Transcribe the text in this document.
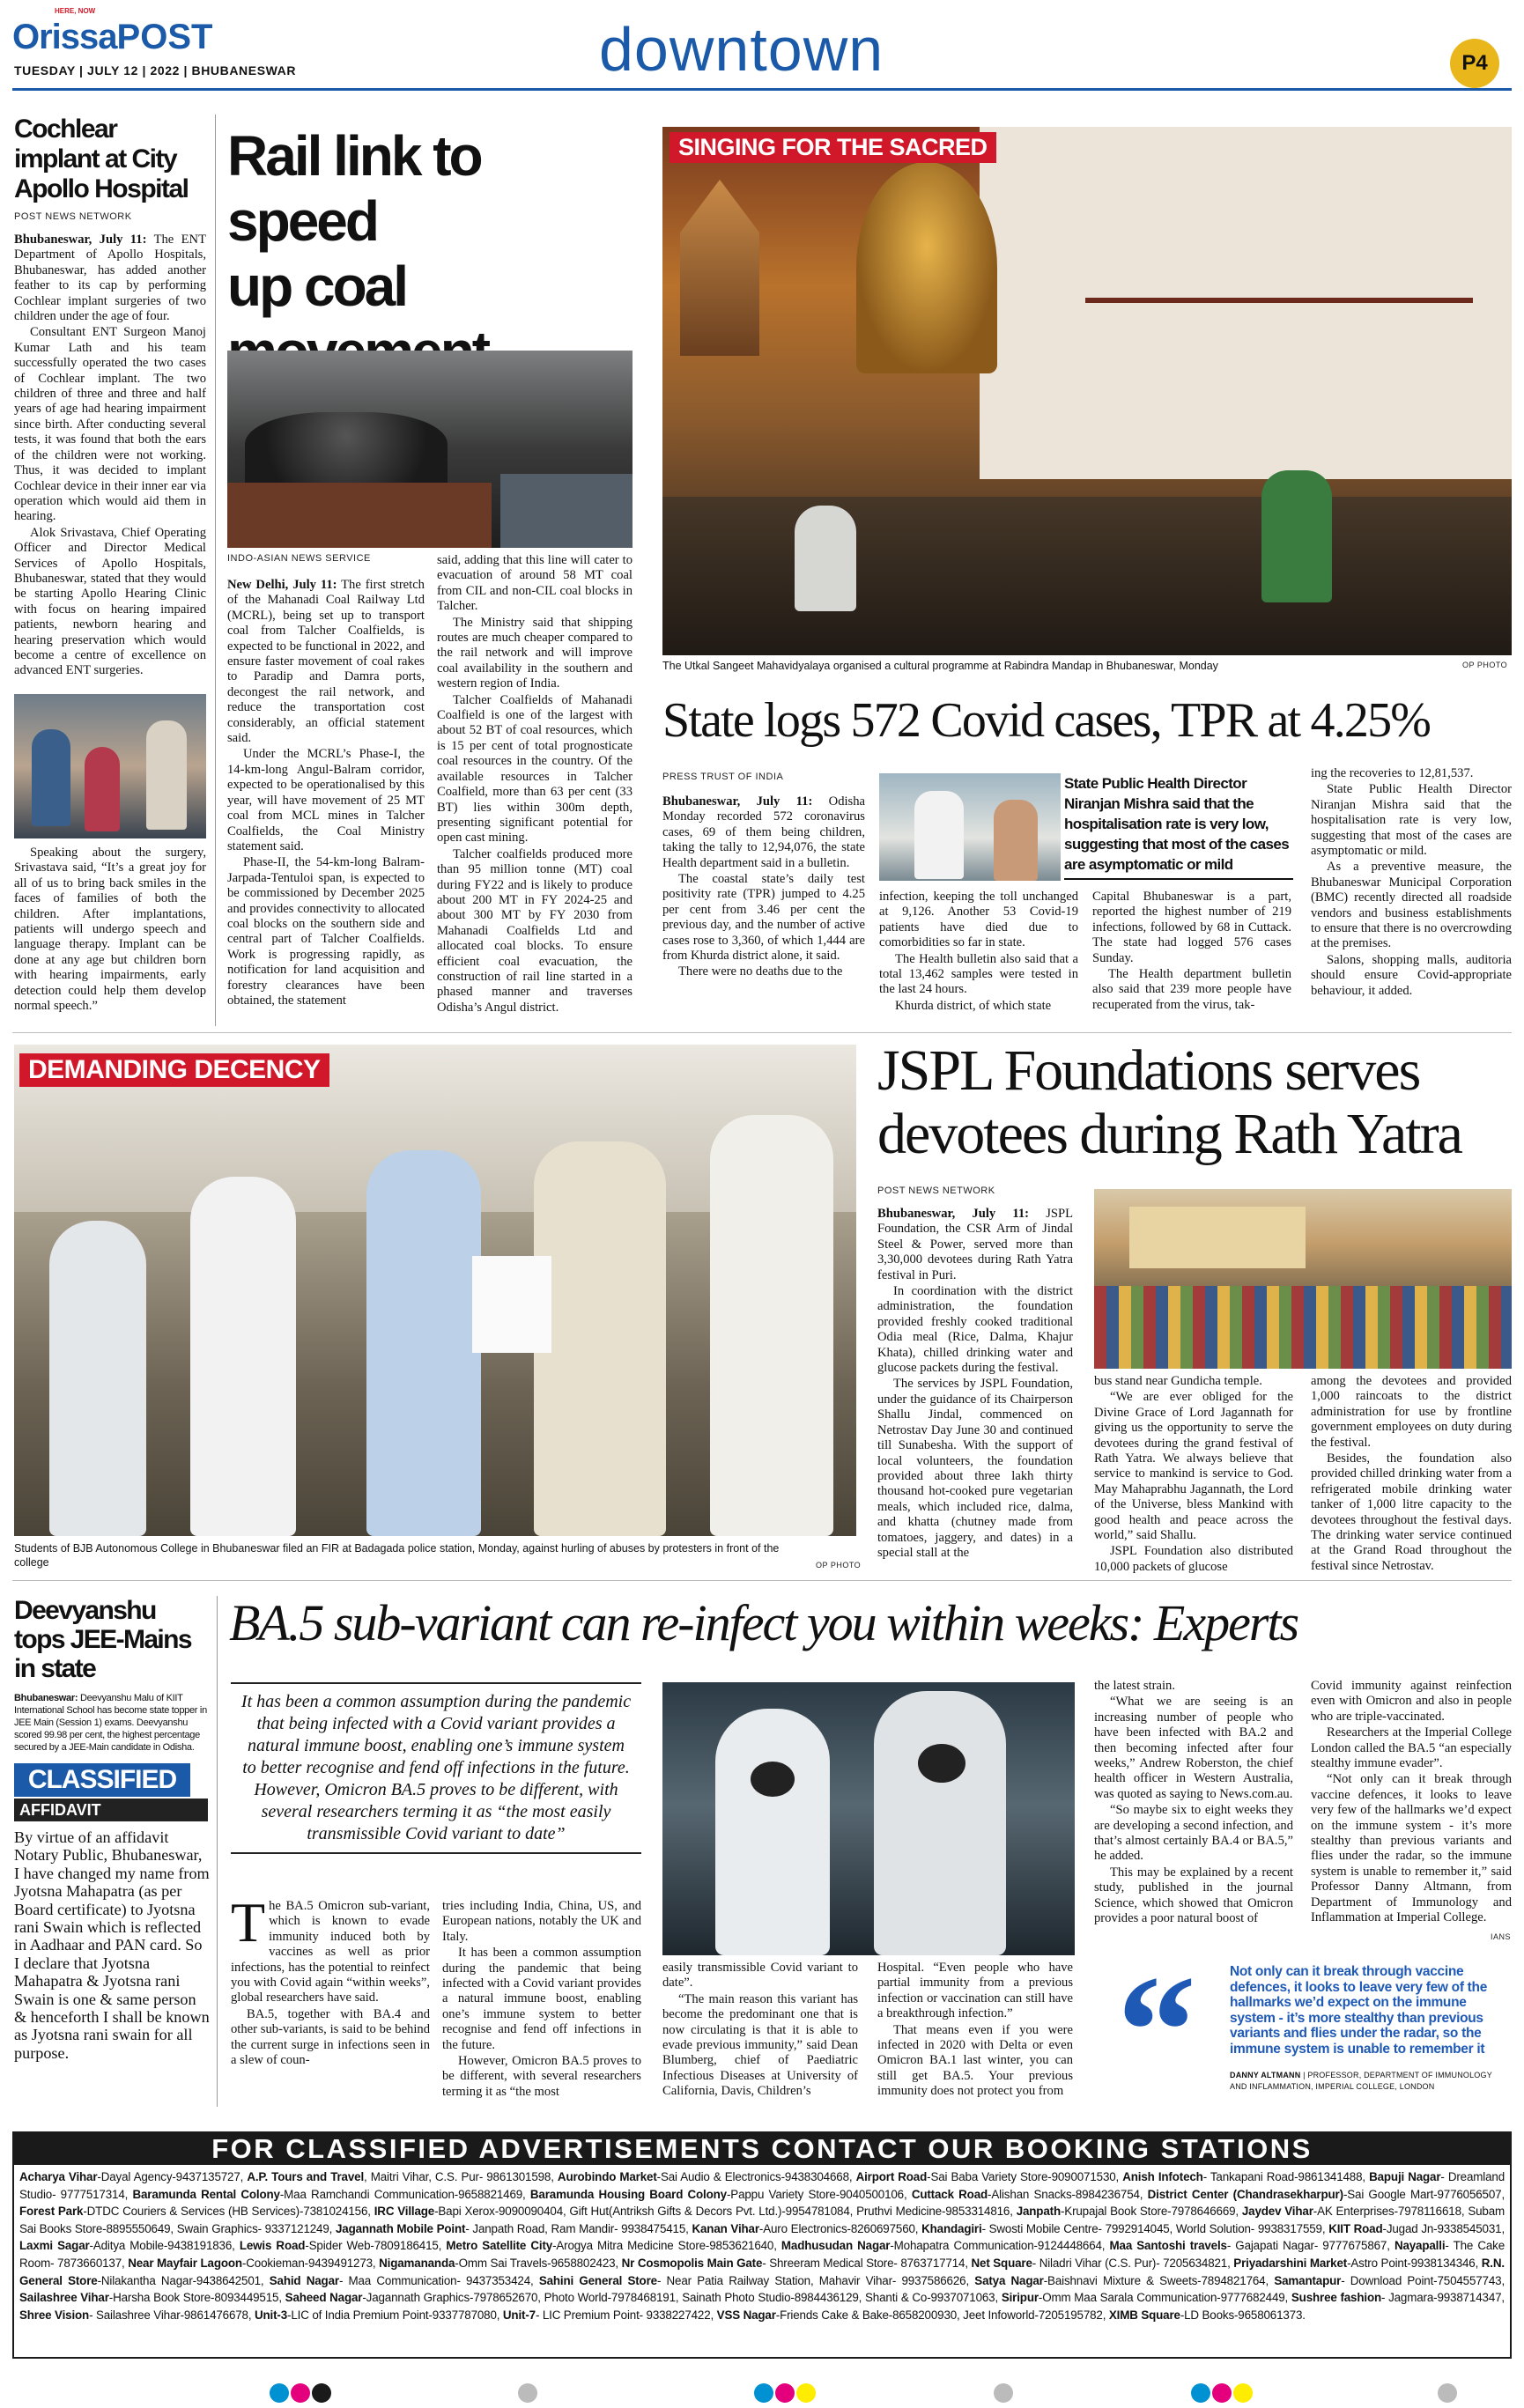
HERE, NOW
OrissaPOST
TUESDAY | JULY 12 | 2022 | BHUBANESWAR	downtown	P4
Cochlear implant at City Apollo Hospital
POST NEWS NETWORK

Bhubaneswar, July 11: The ENT Department of Apollo Hospitals, Bhubaneswar, has added another feather to its cap by performing Cochlear implant surgeries of two children under the age of four.

Consultant ENT Surgeon Manoj Kumar Lath and his team successfully operated the two cases of Cochlear implant. The two children of three and three and half years of age had hearing impairment since birth. After conducting several tests, it was found that both the ears of the children were not working. Thus, it was decided to implant Cochlear device in their inner ear via operation which would aid them in hearing.

Alok Srivastava, Chief Operating Officer and Director Medical Services of Apollo Hospitals, Bhubaneswar, stated that they would be starting Apollo Hearing Clinic with focus on hearing impaired patients, newborn hearing and hearing preservation which would become a centre of excellence on advanced ENT surgeries.

Speaking about the surgery, Srivastava said, “It’s a great joy for all of us to bring back smiles in the faces of families of both the children. After implantations, patients will undergo speech and language therapy. Implant can be done at any age but children born with hearing impairments, early detection could help them develop normal speech.”

Rail link to speed
up coal
INDO-ASIAN NEWS SERVICE

New Delhi, July 11: The first stretch of the Mahanadi Coal Railway Ltd (MCRL), being set up to transport coal from Talcher Coalfields, is expected to be functional in 2022, and ensure faster movement of coal rakes to Paradip and Damra ports, decongest the rail network, and reduce the transportation cost considerably, an official statement said.

Under the MCRL’s Phase-I, the 14-km-long Angul-Balram corridor, expected to be operationalised by this year, will have movement of 25 MT coal from MCL mines in Talcher Coalfields, the Coal Ministry statement said.

Phase-II, the 54-km-long Balram-Jarpada-Tentuloi span, is expected to be commissioned by December 2025 and provides connectivity to allocated coal blocks on the southern side and central part of Talcher Coalfields. Work is progressing rapidly, as notification for land acquisition and forestry clearances have been obtained, the statement

said, adding that this line will cater to evacuation of around 58 MT coal from CIL and non-CIL coal blocks in Talcher.

The Ministry said that shipping routes are much cheaper compared to the rail network and will improve coal availability in the southern and western region of India.

Talcher Coalfields of Mahanadi Coalfield is one of the largest with about 52 BT of coal resources, which is 15 per cent of total prognosticate coal resources in the country. Of the available resources in Talcher Coalfield, more than 63 per cent (33 BT) lies within 300m depth, presenting significant potential for open cast mining.

Talcher coalfields produced more than 95 million tonne (MT) coal during FY22 and is likely to produce about 200 MT in FY 2024-25 and about 300 MT by FY 2030 from Mahanadi Coalfields Ltd and allocated coal blocks. To ensure efficient coal evacuation, the construction of rail line started in a phased manner and traverses Odisha’s Angul district.

SINGING FOR THE SACRED
The Utkal Sangeet Mahavidyalaya organised a cultural programme at Rabindra Mandap in Bhubaneswar, Monday	OP PHOTO
State logs 572 Covid cases, TPR at 4.25%
PRESS TRUST OF INDIA

Bhubaneswar, July 11: Odisha Monday recorded 572 coronavirus cases, 69 of them being children, taking the tally to 12,94,076, the state Health department said in a bulletin.

The coastal state’s daily test positivity rate (TPR) jumped to 4.25 per cent from 3.46 per cent the previous day, and the number of active cases rose to 3,360, of which 1,444 are from Khurda district alone, it said.

There were no deaths due to the

State Public Health Director Niranjan Mishra said that the hospitalisation rate is very low, suggesting that most of the cases are asymptomatic or mild

infection, keeping the toll unchanged at 9,126. Another 53 Covid-19 patients have died due to comorbidities so far in state.

The Health bulletin also said that a total 13,462 samples were tested in the last 24 hours.

Khurda district, of which state

Capital Bhubaneswar is a part, reported the highest number of 219 infections, followed by 68 in Cuttack. The state had logged 576 cases Sunday.

The Health department bulletin also said that 239 more people have recuperated from the virus, tak-

ing the recoveries to 12,81,537.

State Public Health Director Niranjan Mishra said that the hospitalisation rate is very low, suggesting that most of the cases are asymptomatic or mild.

As a preventive measure, the Bhubaneswar Municipal Corporation (BMC) recently directed all roadside vendors and business establishments to ensure that there is no overcrowding at the premises.

Salons, shopping malls, auditoria should ensure Covid-appropriate behaviour, it added.

DEMANDING DECENCY
Students of BJB Autonomous College in Bhubaneswar filed an FIR at Badagada police station, Monday, against hurling of abuses by protesters in front of the college	OP PHOTO
JSPL Foundations serves
devotees during Rath Yatra
POST NEWS NETWORK

Bhubaneswar, July 11: JSPL Foundation, the CSR Arm of Jindal Steel & Power, served more than 3,30,000 devotees during Rath Yatra festival in Puri.

In coordination with the district administration, the foundation provided freshly cooked traditional Odia meal (Rice, Dalma, Khajur Khata), chilled drinking water and glucose packets during the festival.

The services by JSPL Foundation, under the guidance of its Chairperson Shallu Jindal, commenced on Netrostav Day June 30 and continued till Sunabesha. With the support of local volunteers, the foundation provided about three lakh thirty thousand hot-cooked pure vegetarian meals, which included rice, dalma, and khatta (chutney made from tomatoes, jaggery, and dates) in a special stall at the

bus stand near Gundicha temple.

“We are ever obliged for the Divine Grace of Lord Jagannath for giving us the opportunity to serve the devotees during the grand festival of Rath Yatra. We always believe that service to mankind is service to God. May Mahaprabhu Jagannath, the Lord of the Universe, bless Mankind with good health and peace across the world,” said Shallu.

JSPL Foundation also distributed 10,000 packets of glucose

among the devotees and provided 1,000 raincoats to the district administration for use by frontline government employees on duty during the festival.

Besides, the foundation also provided chilled drinking water from a refrigerated mobile drinking water tanker of 1,000 litre capacity to the devotees throughout the festival days. The drinking water service continued at the Grand Road throughout the festival since Netrostav.

Deevyanshu tops JEE-Mains in state
Bhubaneswar: Deevyanshu Malu of KIIT International School has become state topper in JEE Main (Session 1) exams. Deevyanshu scored 99.98 per cent, the highest percentage secured by a JEE-Main candidate in Odisha.
CLASSIFIED
AFFIDAVIT
By virtue of an affidavit Notary Public, Bhubaneswar, I have changed my name from Jyotsna Mahapatra (as per Board certificate) to Jyotsna rani Swain which is reflected in Aadhaar and PAN card. So I declare that Jyotsna Mahapatra & Jyotsna rani Swain is one & same person & henceforth I shall be known as Jyotsna rani swain for all purpose.
BA.5 sub-variant can re-infect you within weeks: Experts
It has been a common assumption during the pandemic that being infected with a Covid variant provides a natural immune boost, enabling one’s immune system to better recognise and fend off infections in the future. However, Omicron BA.5 proves to be different, with several researchers terming it as “the most easily transmissible Covid variant to date”

The BA.5 Omicron sub-variant, which is known to evade immunity induced both by vaccines as well as prior infections, has the potential to reinfect you with Covid again “within weeks”, global researchers have said.

BA.5, together with BA.4 and other sub-variants, is said to be behind the current surge in infections seen in a slew of coun-

tries including India, China, US, and European nations, notably the UK and Italy.

It has been a common assumption during the pandemic that being infected with a Covid variant provides a natural immune boost, enabling one’s immune system to better recognise and fend off infections in the future.

However, Omicron BA.5 proves to be different, with several researchers terming it as “the most

easily transmissible Covid variant to date”.

“The main reason this variant has become the predominant one that is now circulating is that it is able to evade previous immunity,” said Dean Blumberg, chief of Paediatric Infectious Diseases at University of California, Davis, Children’s

Hospital. “Even people who have partial immunity from a previous infection or vaccination can still have a breakthrough infection.”

That means even if you were infected in 2020 with Delta or even Omicron BA.1 last winter, you can still get BA.5. Your previous immunity does not protect you from

the latest strain.

“What we are seeing is an increasing number of people who have been infected with BA.2 and then becoming infected after four weeks,” Andrew Roberston, the chief health officer in Western Australia, was quoted as saying to News.com.au.

“So maybe six to eight weeks they are developing a second infection, and that’s almost certainly BA.4 or BA.5,” he added.

This may be explained by a recent study, published in the journal Science, which showed that Omicron provides a poor natural boost of

Covid immunity against reinfection even with Omicron and also in people who are triple-vaccinated.

Researchers at the Imperial College London called the BA.5 “an especially stealthy immune evader”.

“Not only can it break through vaccine defences, it looks to leave very few of the hallmarks we’d expect on the immune system - it’s more stealthy than previous variants and flies under the radar, so the immune system is unable to remember it,” said Professor Danny Altmann, from Department of Immunology and Inflammation at Imperial College.

IANS
“ Not only can it break through vaccine defences, it looks to leave very few of the hallmarks we’d expect on the immune system - it’s more stealthy than previous variants and flies under the radar, so the immune system is unable to remember it
DANNY ALTMANN | PROFESSOR, DEPARTMENT OF IMMUNOLOGY AND INFLAMMATION, IMPERIAL COLLEGE, LONDON
FOR CLASSIFIED ADVERTISEMENTS CONTACT OUR BOOKING STATIONS
Acharya Vihar-Dayal Agency-9437135727, A.P. Tours and Travel, Maitri Vihar, C.S. Pur- 9861301598, Aurobindo Market-Sai Audio & Electronics-9438304668, Airport Road-Sai Baba Variety Store-9090071530, Anish Infotech- Tankapani Road-9861341488, Bapuji Nagar- Dreamland Studio- 9777517314, Baramunda Rental Colony-Maa Ramchandi Communication-9658821469, Baramunda Housing Board Colony-Pappu Variety Store-9040500106, Cuttack Road-Alishan Snacks-8984236754, District Center (Chandrasekharpur)-Sai Google Mart-9776056507, Forest Park-DTDC Couriers & Services (HB Services)-7381024156, IRC Village-Bapi Xerox-9090090404, Gift Hut(Antriksh Gifts & Decors Pvt. Ltd.)-9954781084, Pruthvi Medicine-9853314816, Janpath-Krupajal Book Store-7978646669, Jaydev Vihar-AK Enterprises-7978116618, Subam Sai Books Store-8895550649, Swain Graphics- 9337121249, Jagannath Mobile Point- Janpath Road, Ram Mandir- 9938475415, Kanan Vihar-Auro Electronics-8260697560, Khandagiri- Swosti Mobile Centre- 7992914045, World Solution- 9938317559, KIIT Road-Jugad Jn-9338545031, Laxmi Sagar-Aditya Mobile-9438191836, Lewis Road-Spider Web-7809186415, Metro Satellite City-Arogya Mitra Medicine Store-9853621640, Madhusudan Nagar-Mohapatra Communication-9124448664, Maa Santoshi travels- Gajapati Nagar- 9777675867, Nayapalli- The Cake Room- 7873660137, Near Mayfair Lagoon-Cookieman-9439491273, Nigamananda-Omm Sai Travels-9658802423, Nr Cosmopolis Main Gate- Shreeram Medical Store- 8763717714, Net Square- Niladri Vihar (C.S. Pur)- 7205634821, Priyadarshini Market-Astro Point-9938134346, R.N. General Store-Nilakantha Nagar-9438642501, Sahid Nagar- Maa Communication- 9437353424, Sahini General Store- Near Patia Railway Station, Mahavir Vihar- 9937586626, Satya Nagar-Baishnavi Mixture & Sweets-7894821764, Samantapur- Download Point-7504557743, Sailashree Vihar-Harsha Book Store-8093449515, Saheed Nagar-Jagannath Graphics-7978652670, Photo World-7978468191, Sainath Photo Studio-8984436129, Shanti & Co-9937071063, Siripur-Omm Maa Sarala Communication-9777682449, Sushree fashion- Jagmara-9938714347, Shree Vision- Sailashree Vihar-9861476678, Unit-3-LIC of India Premium Point-9337787080, Unit-7- LIC Premium Point- 9338227422, VSS Nagar-Friends Cake & Bake-8658200930, Jeet Infoworld-7205195782, XIMB Square-LD Books-9658061373.
